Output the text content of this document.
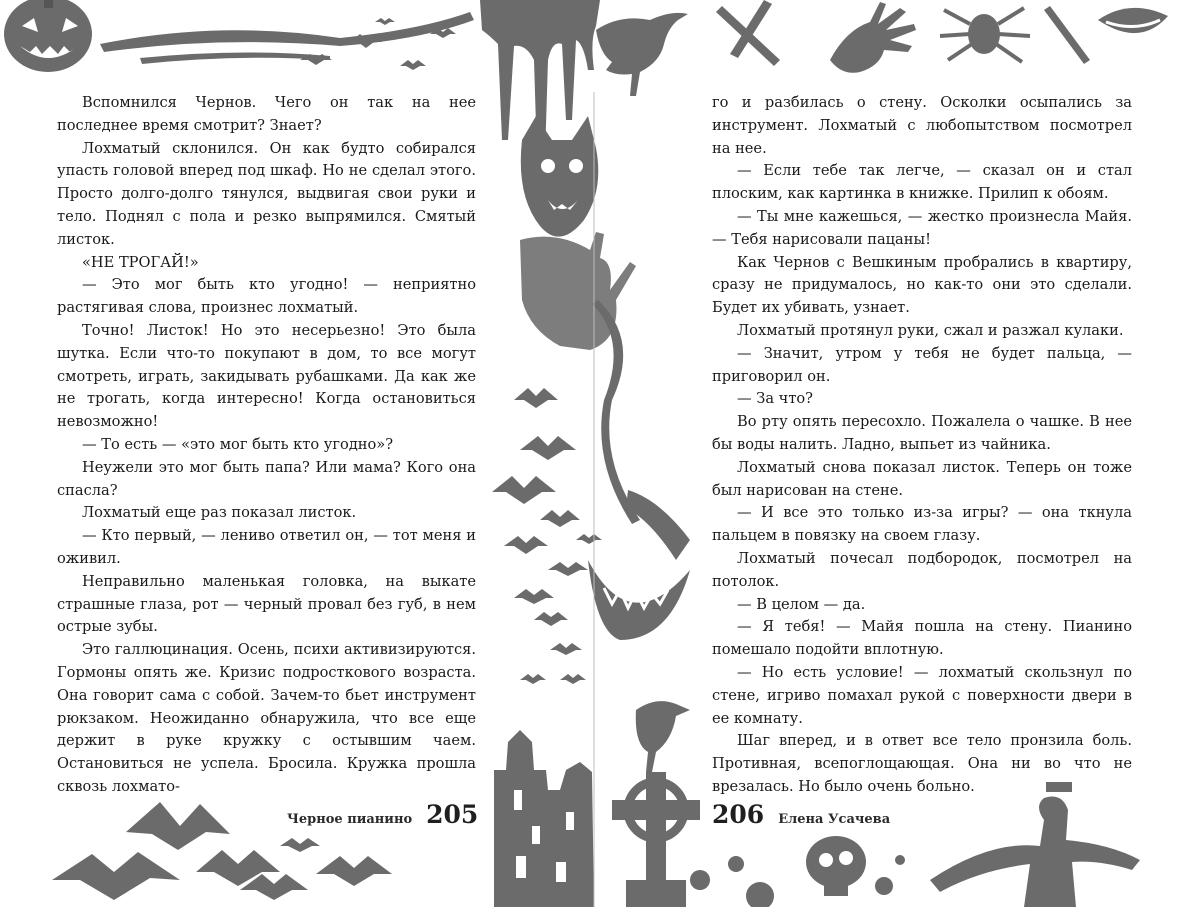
Вспомнился Чернов. Чего он так на нее последнее время смотрит? Знает?

Лохматый склонился. Он как будто собирался упасть головой вперед под шкаф. Но не сделал этого. Просто долго-долго тянулся, выдвигая свои руки и тело. Поднял с пола и резко выпрямился. Смятый листок.

«НЕ ТРОГАЙ!»

— Это мог быть кто угодно! — неприятно растягивая слова, произнес лохматый.

Точно! Листок! Но это несерьезно! Это была шутка. Если что-то покупают в дом, то все могут смотреть, играть, закидывать рубашками. Да как же не трогать, когда интересно! Когда остановиться невозможно!

— То есть — «это мог быть кто угодно»?

Неужели это мог быть папа? Или мама? Кого она спасла?

Лохматый еще раз показал листок.

— Кто первый, — лениво ответил он, — тот меня и оживил.

Неправильно маленькая головка, на выкате страшные глаза, рот — черный провал без губ, в нем острые зубы.

Это галлюцинация. Осень, психи активизируются. Гормоны опять же. Кризис подросткового возраста. Она говорит сама с собой. Зачем-то бьет инструмент рюкзаком. Неожиданно обнаружила, что все еще держит в руке кружку с остывшим чаем. Остановиться не успела. Бросила. Кружка прошла сквозь лохмато-

Черное пианино 205

го и разбилась о стену. Осколки осыпались за инструмент. Лохматый с любопытством посмотрел на нее.

— Если тебе так легче, — сказал он и стал плоским, как картинка в книжке. Прилип к обоям.

— Ты мне кажешься, — жестко произнесла Майя. — Тебя нарисовали пацаны!

Как Чернов с Вешкиным пробрались в квартиру, сразу не придумалось, но как-то они это сделали. Будет их убивать, узнает.

Лохматый протянул руки, сжал и разжал кулаки.

— Значит, утром у тебя не будет пальца, — приговорил он.

— За что?

Во рту опять пересохло. Пожалела о чашке. В нее бы воды налить. Ладно, выпьет из чайника.

Лохматый снова показал листок. Теперь он тоже был нарисован на стене.

— И все это только из-за игры? — она ткнула пальцем в повязку на своем глазу.

Лохматый почесал подбородок, посмотрел на потолок.

— В целом — да.

— Я тебя! — Майя пошла на стену. Пианино помешало подойти вплотную.

— Но есть условие! — лохматый скользнул по стене, игриво помахал рукой с поверхности двери в ее комнату.

Шаг вперед, и в ответ все тело пронзила боль. Противная, всепоглощающая. Она ни во что не врезалась. Но было очень больно.

206 Елена Усачева
